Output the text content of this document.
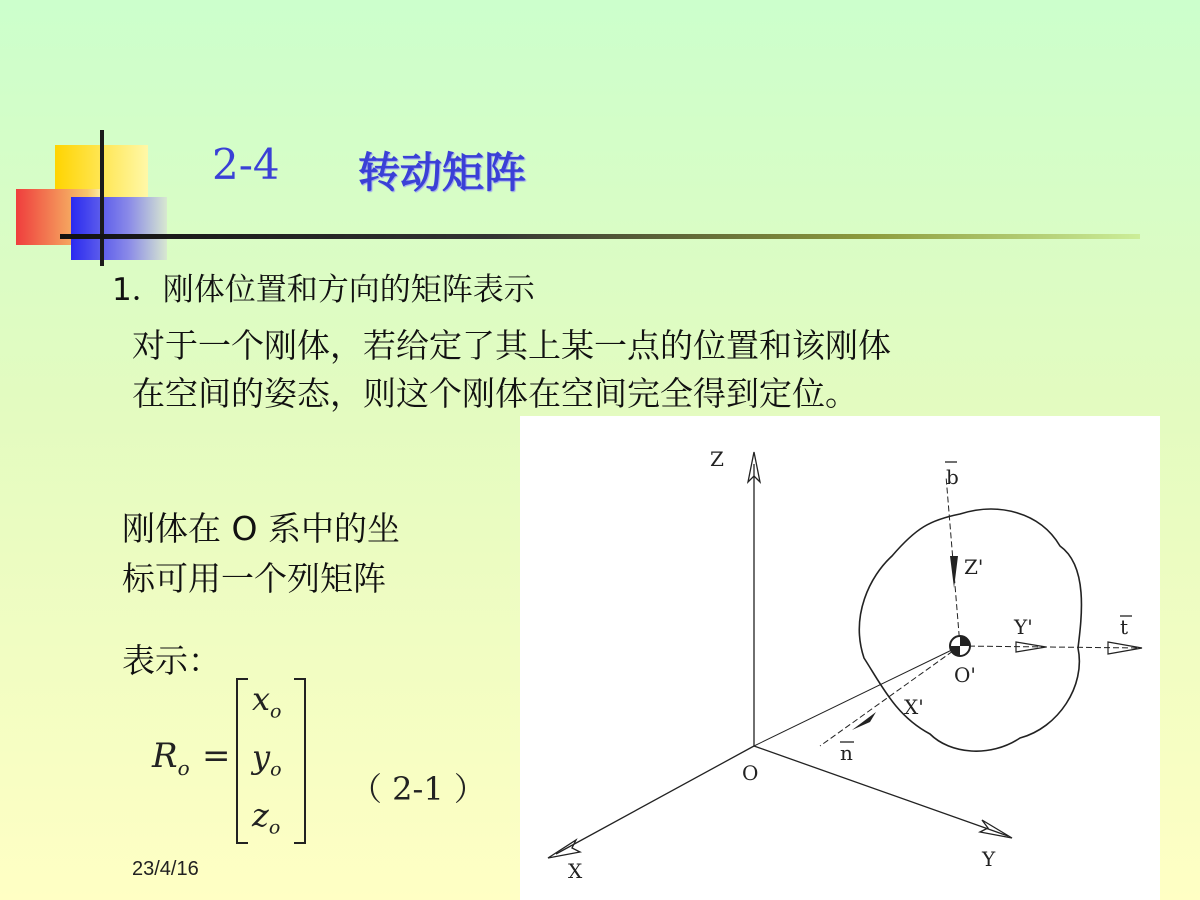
2-4 转动矩阵
1．刚体位置和方向的矩阵表示
对于一个刚体，若给定了其上某一点的位置和该刚体
在空间的姿态，则这个刚体在空间完全得到定位。
刚体在 O 系中的坐
标可用一个列矩阵
表示：
$R_o$ =
$x_o$
$y_o$
$z_o$
（ 2-1 ）
23/4/16
Z
X	Y
O
O'
Z'
Y'
X'
b
t
n
